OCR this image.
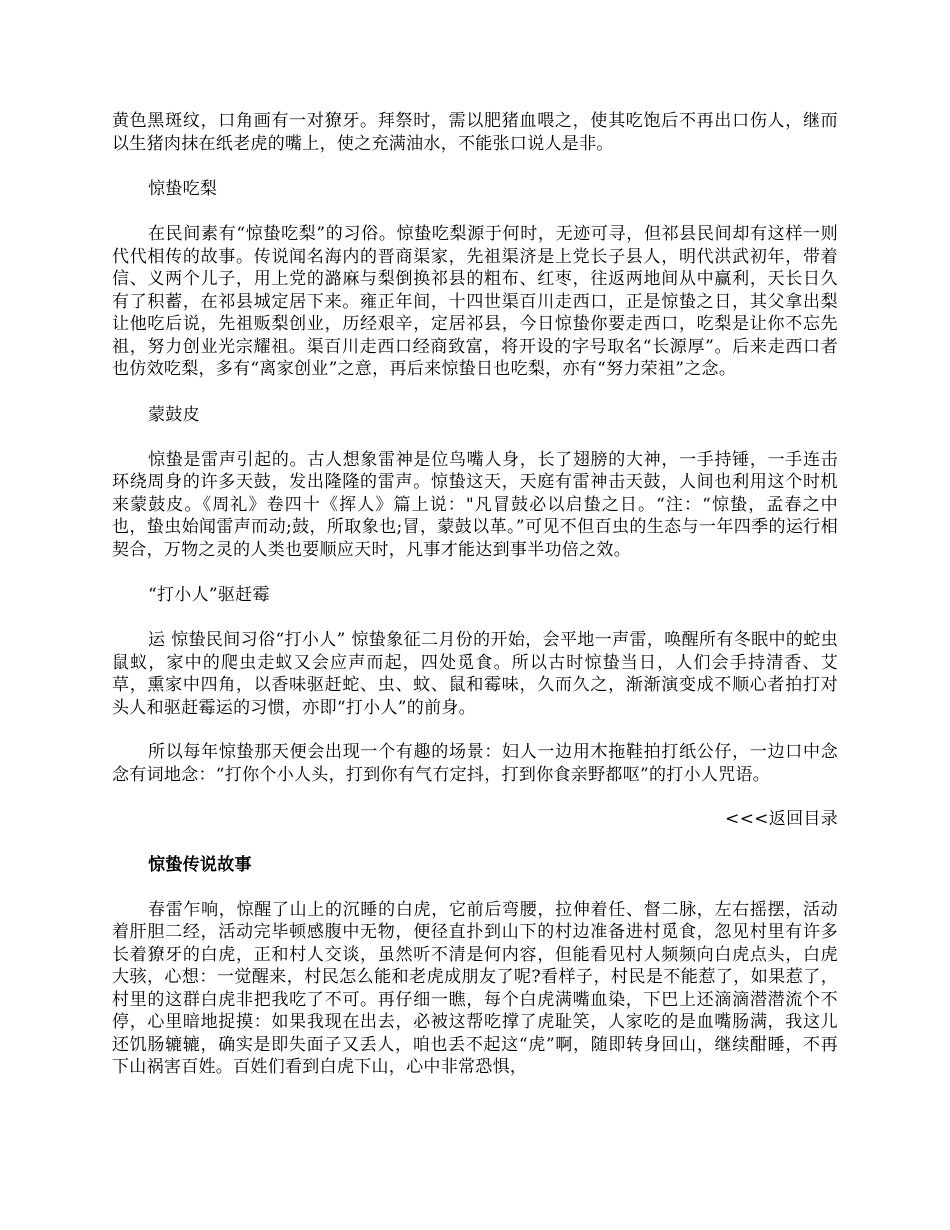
黄色黑斑纹，口角画有一对獠牙。拜祭时，需以肥猪血喂之，使其吃饱后不再出口伤人，继而以生猪肉抹在纸老虎的嘴上，使之充满油水，不能张口说人是非。

惊蛰吃梨

在民间素有“惊蛰吃梨”的习俗。惊蛰吃梨源于何时，无迹可寻，但祁县民间却有这样一则代代相传的故事。传说闻名海内的晋商渠家，先祖渠济是上党长子县人，明代洪武初年，带着信、义两个儿子，用上党的潞麻与梨倒换祁县的粗布、红枣，往返两地间从中赢利，天长日久有了积蓄，在祁县城定居下来。雍正年间，十四世渠百川走西口，正是惊蛰之日，其父拿出梨让他吃后说，先祖贩梨创业，历经艰辛，定居祁县，今日惊蛰你要走西口，吃梨是让你不忘先祖，努力创业光宗耀祖。渠百川走西口经商致富，将开设的字号取名“长源厚”。后来走西口者也仿效吃梨，多有“离家创业”之意，再后来惊蛰日也吃梨，亦有“努力荣祖”之念。

蒙鼓皮

惊蛰是雷声引起的。古人想象雷神是位鸟嘴人身，长了翅膀的大神，一手持锤，一手连击环绕周身的许多天鼓，发出隆隆的雷声。惊蛰这天，天庭有雷神击天鼓，人间也利用这个时机来蒙鼓皮。《周礼》卷四十《挥人》篇上说："凡冒鼓必以启蛰之日。“注：“惊蛰，孟春之中也，蛰虫始闻雷声而动;鼓，所取象也;冒，蒙鼓以革。”可见不但百虫的生态与一年四季的运行相契合，万物之灵的人类也要顺应天时，凡事才能达到事半功倍之效。

“打小人”驱赶霉

运 惊蛰民间习俗“打小人” 惊蛰象征二月份的开始，会平地一声雷，唤醒所有冬眠中的蛇虫鼠蚁，家中的爬虫走蚁又会应声而起，四处觅食。所以古时惊蛰当日，人们会手持清香、艾草，熏家中四角，以香味驱赶蛇、虫、蚊、鼠和霉味，久而久之，渐渐演变成不顺心者拍打对头人和驱赶霉运的习惯，亦即“打小人”的前身。

所以每年惊蛰那天便会出现一个有趣的场景：妇人一边用木拖鞋拍打纸公仔，一边口中念念有词地念：“打你个小人头，打到你有气冇定抖，打到你食亲野都呕”的打小人咒语。

<<<返回目录

惊蛰传说故事

春雷乍响，惊醒了山上的沉睡的白虎，它前后弯腰，拉伸着任、督二脉，左右摇摆，活动着肝胆二经，活动完毕顿感腹中无物，便径直扑到山下的村边准备进村觅食，忽见村里有许多长着獠牙的白虎，正和村人交谈，虽然听不清是何内容，但能看见村人频频向白虎点头，白虎大骇，心想：一觉醒来，村民怎么能和老虎成朋友了呢?看样子，村民是不能惹了，如果惹了，村里的这群白虎非把我吃了不可。再仔细一瞧，每个白虎满嘴血染，下巴上还滴滴潜潜流个不停，心里暗地捉摸：如果我现在出去，必被这帮吃撑了虎耻笑，人家吃的是血嘴肠满，我这儿还饥肠辘辘，确实是即失面子又丢人，咱也丢不起这“虎”啊，随即转身回山，继续酣睡，不再下山祸害百姓。百姓们看到白虎下山，心中非常恐惧，
